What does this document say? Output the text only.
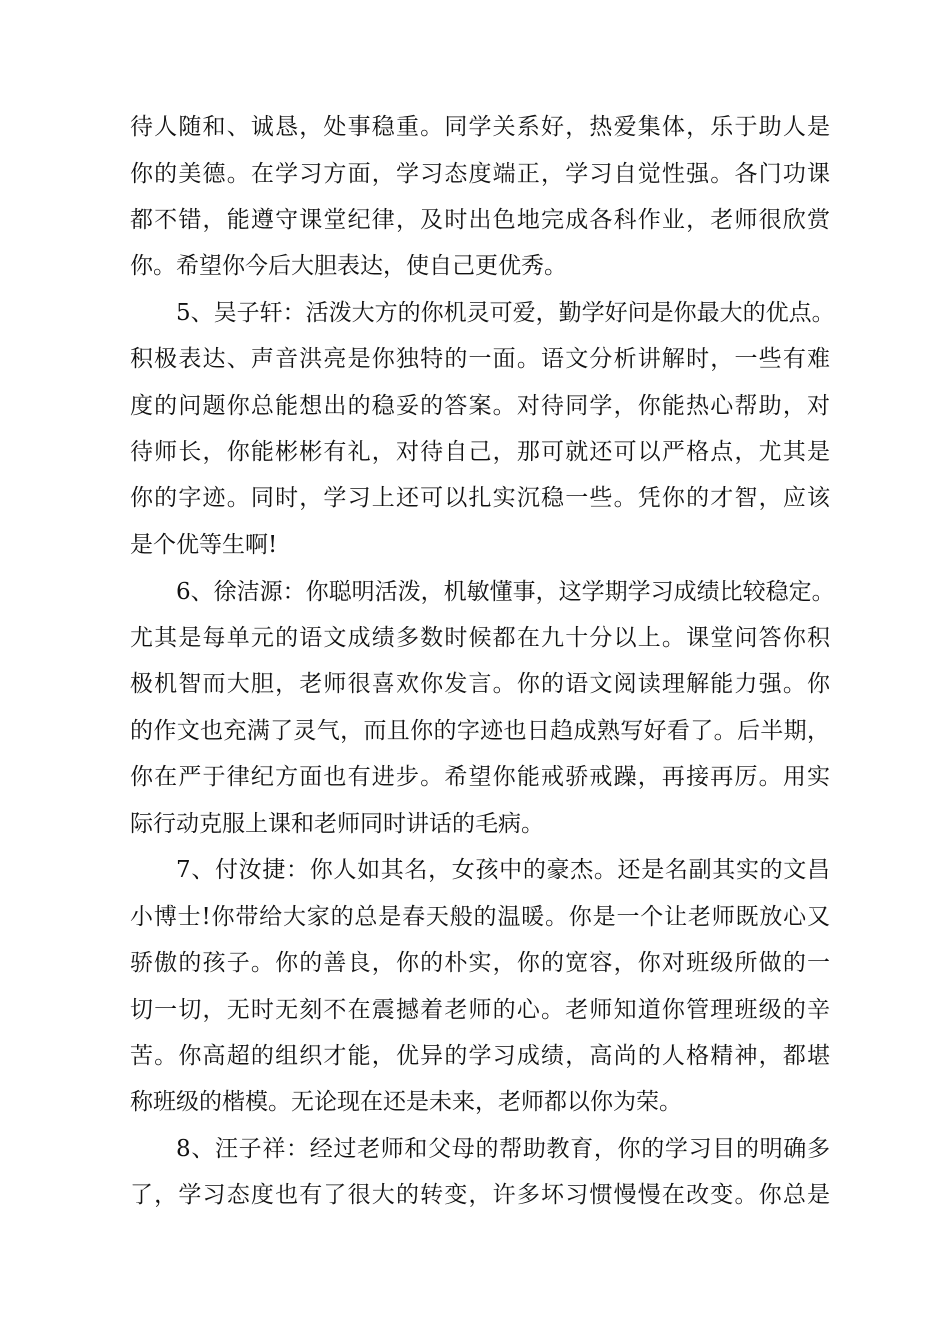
待人随和、诚恳，处事稳重。同学关系好，热爱集体，乐于助人是
你的美德。在学习方面，学习态度端正，学习自觉性强。各门功课
都不错，能遵守课堂纪律，及时出色地完成各科作业，老师很欣赏
你。希望你今后大胆表达，使自己更优秀。
5、吴子轩：活泼大方的你机灵可爱，勤学好问是你最大的优点。
积极表达、声音洪亮是你独特的一面。语文分析讲解时，一些有难
度的问题你总能想出的稳妥的答案。对待同学，你能热心帮助，对
待师长，你能彬彬有礼，对待自己，那可就还可以严格点，尤其是
你的字迹。同时，学习上还可以扎实沉稳一些。凭你的才智，应该
是个优等生啊!
6、徐洁源：你聪明活泼，机敏懂事，这学期学习成绩比较稳定。
尤其是每单元的语文成绩多数时候都在九十分以上。课堂问答你积
极机智而大胆，老师很喜欢你发言。你的语文阅读理解能力强。你
的作文也充满了灵气，而且你的字迹也日趋成熟写好看了。后半期，
你在严于律纪方面也有进步。希望你能戒骄戒躁，再接再厉。用实
际行动克服上课和老师同时讲话的毛病。
7、付汝捷：你人如其名，女孩中的豪杰。还是名副其实的文昌
小博士!你带给大家的总是春天般的温暖。你是一个让老师既放心又
骄傲的孩子。你的善良，你的朴实，你的宽容，你对班级所做的一
切一切，无时无刻不在震撼着老师的心。老师知道你管理班级的辛
苦。你高超的组织才能，优异的学习成绩，高尚的人格精神，都堪
称班级的楷模。无论现在还是未来，老师都以你为荣。
8、汪子祥：经过老师和父母的帮助教育，你的学习目的明确多
了，学习态度也有了很大的转变，许多坏习惯慢慢在改变。你总是
